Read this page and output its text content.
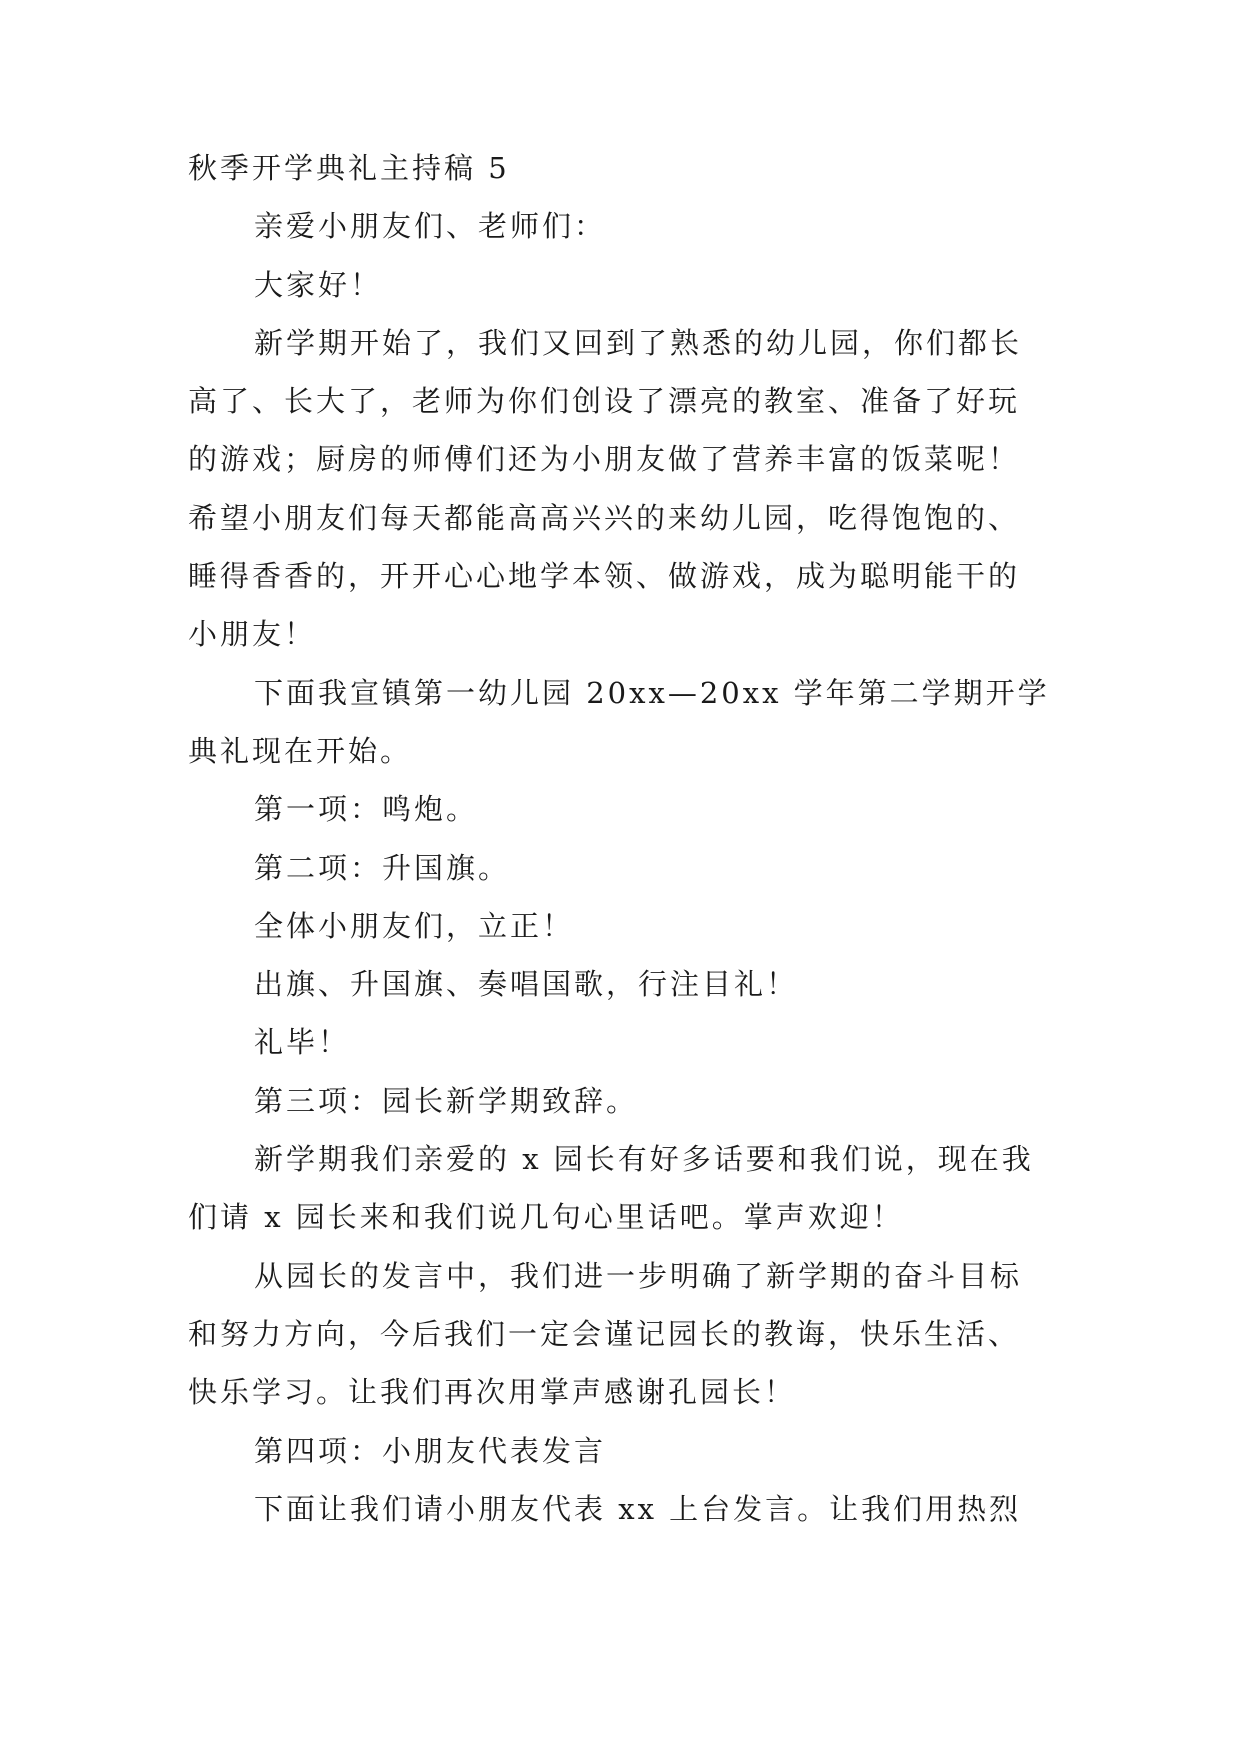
秋季开学典礼主持稿 5
亲爱小朋友们、老师们：
大家好！
新学期开始了，我们又回到了熟悉的幼儿园，你们都长
高了、长大了，老师为你们创设了漂亮的教室、准备了好玩
的游戏；厨房的师傅们还为小朋友做了营养丰富的饭菜呢！
希望小朋友们每天都能高高兴兴的来幼儿园，吃得饱饱的、
睡得香香的，开开心心地学本领、做游戏，成为聪明能干的
小朋友！
下面我宣镇第一幼儿园 20xx—20xx 学年第二学期开学
典礼现在开始。
第一项：鸣炮。
第二项：升国旗。
全体小朋友们，立正！
出旗、升国旗、奏唱国歌，行注目礼！
礼毕！
第三项：园长新学期致辞。
新学期我们亲爱的 x 园长有好多话要和我们说，现在我
们请 x 园长来和我们说几句心里话吧。掌声欢迎！
从园长的发言中，我们进一步明确了新学期的奋斗目标
和努力方向，今后我们一定会谨记园长的教诲，快乐生活、
快乐学习。让我们再次用掌声感谢孔园长！
第四项：小朋友代表发言
下面让我们请小朋友代表 xx 上台发言。让我们用热烈
